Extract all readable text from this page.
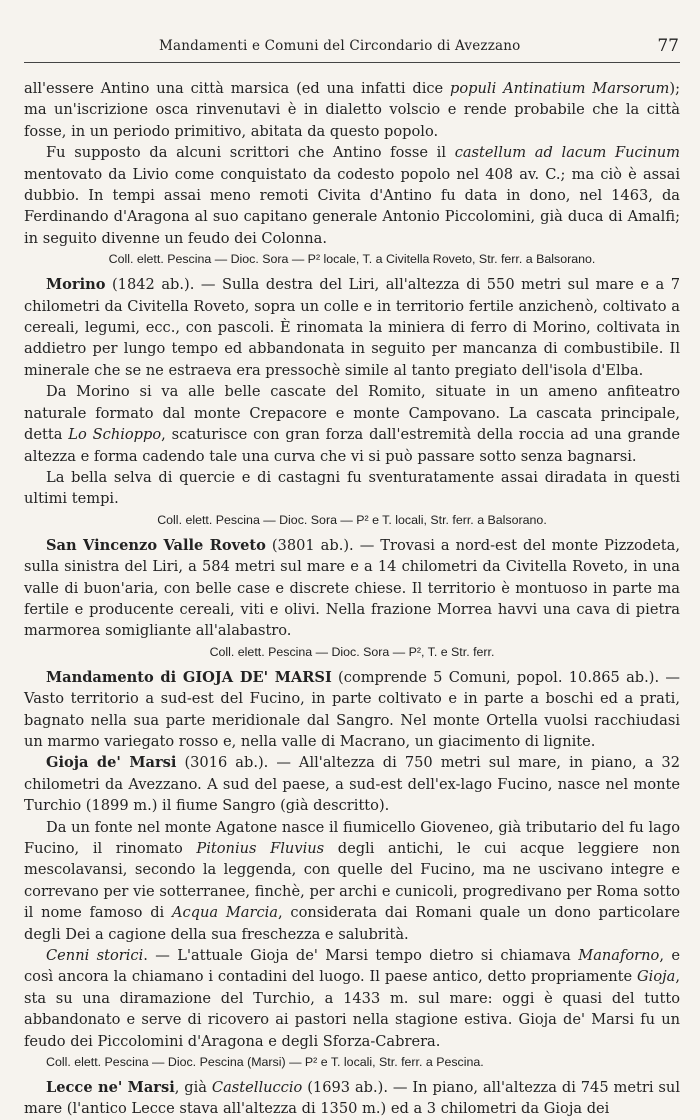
Mandamenti e Comuni del Circondario di Avezzano	77

all'essere Antino una città marsica (ed una infatti dice populi Antinatium Marsorum); ma un'iscrizione osca rinvenutavi è in dialetto volscio e rende probabile che la città fosse, in un periodo primitivo, abitata da questo popolo.

Fu supposto da alcuni scrittori che Antino fosse il castellum ad lacum Fucinum mentovato da Livio come conquistato da codesto popolo nel 408 av. C.; ma ciò è assai dubbio. In tempi assai meno remoti Civita d'Antino fu data in dono, nel 1463, da Ferdinando d'Aragona al suo capitano generale Antonio Piccolomini, già duca di Amalfi; in seguito divenne un feudo dei Colonna.

Coll. elett. Pescina — Dioc. Sora — P² locale, T. a Civitella Roveto, Str. ferr. a Balsorano.

Morino (1842 ab.). — Sulla destra del Liri, all'altezza di 550 metri sul mare e a 7 chilometri da Civitella Roveto, sopra un colle e in territorio fertile anzichenò, coltivato a cereali, legumi, ecc., con pascoli. È rinomata la miniera di ferro di Morino, coltivata in addietro per lungo tempo ed abbandonata in seguito per mancanza di combustibile. Il minerale che se ne estraeva era pressochè simile al tanto pregiato dell'isola d'Elba.

Da Morino si va alle belle cascate del Romito, situate in un ameno anfiteatro naturale formato dal monte Crepacore e monte Campovano. La cascata principale, detta Lo Schioppo, scaturisce con gran forza dall'estremità della roccia ad una grande altezza e forma cadendo tale una curva che vi si può passare sotto senza bagnarsi.

La bella selva di quercie e di castagni fu sventuratamente assai diradata in questi ultimi tempi.

Coll. elett. Pescina — Dioc. Sora — P² e T. locali, Str. ferr. a Balsorano.

San Vincenzo Valle Roveto (3801 ab.). — Trovasi a nord-est del monte Pizzodeta, sulla sinistra del Liri, a 584 metri sul mare e a 14 chilometri da Civitella Roveto, in una valle di buon'aria, con belle case e discrete chiese. Il territorio è montuoso in parte ma fertile e producente cereali, viti e olivi. Nella frazione Morrea havvi una cava di pietra marmorea somigliante all'alabastro.

Coll. elett. Pescina — Dioc. Sora — P², T. e Str. ferr.

Mandamento di GIOJA DE' MARSI (comprende 5 Comuni, popol. 10.865 ab.). — Vasto territorio a sud-est del Fucino, in parte coltivato e in parte a boschi ed a prati, bagnato nella sua parte meridionale dal Sangro. Nel monte Ortella vuolsi racchiudasi un marmo variegato rosso e, nella valle di Macrano, un giacimento di lignite.

Gioja de' Marsi (3016 ab.). — All'altezza di 750 metri sul mare, in piano, a 32 chilometri da Avezzano. A sud del paese, a sud-est dell'ex-lago Fucino, nasce nel monte Turchio (1899 m.) il fiume Sangro (già descritto).

Da un fonte nel monte Agatone nasce il fiumicello Gioveneo, già tributario del fu lago Fucino, il rinomato Pitonius Fluvius degli antichi, le cui acque leggiere non mescolavansi, secondo la leggenda, con quelle del Fucino, ma ne uscivano integre e correvano per vie sotterranee, finchè, per archi e cunicoli, progredivano per Roma sotto il nome famoso di Acqua Marcia, considerata dai Romani quale un dono particolare degli Dei a cagione della sua freschezza e salubrità.

Cenni storici. — L'attuale Gioja de' Marsi tempo dietro si chiamava Manaforno, e così ancora la chiamano i contadini del luogo. Il paese antico, detto propriamente Gioja, sta su una diramazione del Turchio, a 1433 m. sul mare: oggi è quasi del tutto abbandonato e serve di ricovero ai pastori nella stagione estiva. Gioja de' Marsi fu un feudo dei Piccolomini d'Aragona e degli Sforza-Cabrera.

Coll. elett. Pescina — Dioc. Pescina (Marsi) — P² e T. locali, Str. ferr. a Pescina.

Lecce ne' Marsi, già Castelluccio (1693 ab.). — In piano, all'altezza di 745 metri sul mare (l'antico Lecce stava all'altezza di 1350 m.) ed a 3 chilometri da Gioja dei
